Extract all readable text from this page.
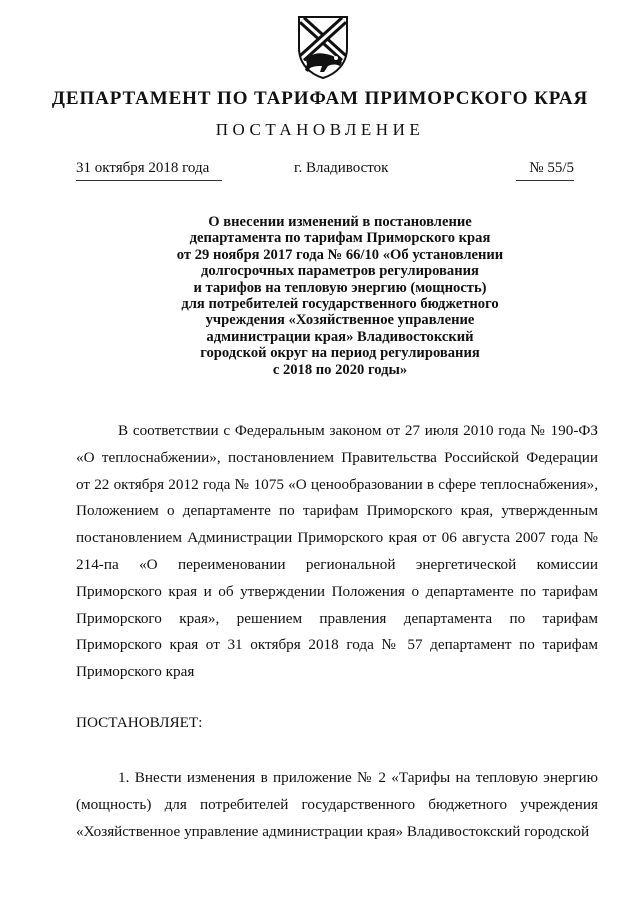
ДЕПАРТАМЕНТ ПО ТАРИФАМ ПРИМОРСКОГО КРАЯ
ПОСТАНОВЛЕНИЕ
31 октября 2018 года	г. Владивосток	№ 55/5
О внесении изменений в постановление
департамента по тарифам Приморского края
от 29 ноября 2017 года № 66/10 «Об установлении
долгосрочных параметров регулирования
и тарифов на тепловую энергию (мощность)
для потребителей государственного бюджетного
учреждения «Хозяйственное управление
администрации края» Владивостокский
городской округ на период регулирования
с 2018 по 2020 годы»

В соответствии с Федеральным законом от 27 июля 2010 года № 190-ФЗ «О теплоснабжении», постановлением Правительства Российской Федерации от 22 октября 2012 года № 1075 «О ценообразовании в сфере теплоснабжения», Положением о департаменте по тарифам Приморского края, утвержденным постановлением Администрации Приморского края от 06 августа 2007 года № 214-па «О переименовании региональной энергетической комиссии Приморского края и об утверждении Положения о департаменте по тарифам Приморского края», решением правления департамента по тарифам Приморского края от 31 октября 2018 года № 57 департамент по тарифам Приморского края

ПОСТАНОВЛЯЕТ:

1. Внести изменения в приложение № 2 «Тарифы на тепловую энергию (мощность) для потребителей государственного бюджетного учреждения «Хозяйственное управление администрации края» Владивостокский городской
